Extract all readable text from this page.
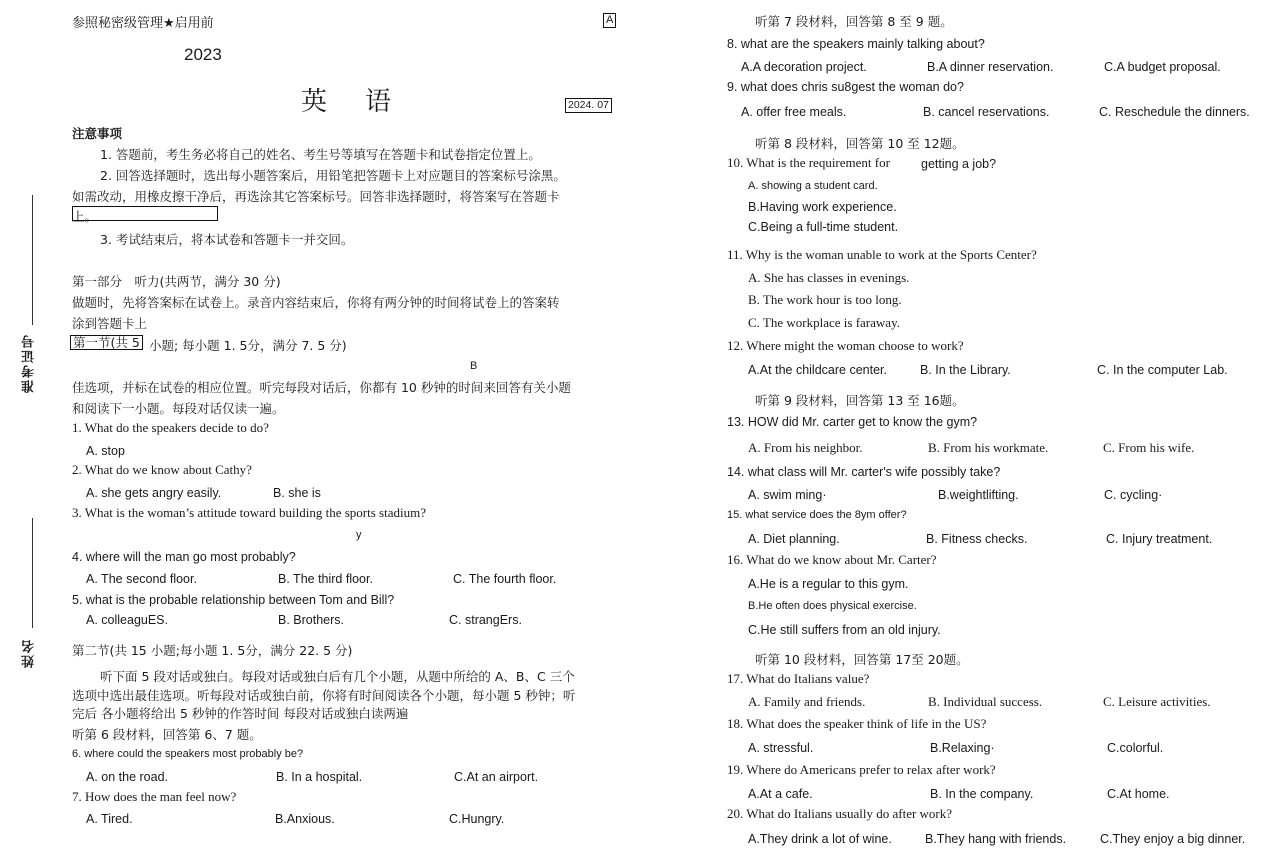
准考证号
姓名
参照秘密级管理★启用前	A
2023
英　语	2024. 07
注意事项
1. 答题前，考生务必将自己的姓名、考生号等填写在答题卡和试卷指定位置上。
2. 回答选择题时，选出每小题答案后，用铅笔把答题卡上对应题目的答案标号涂黑。
如需改动，用橡皮擦干净后，再选涂其它答案标号。回答非选择题时，将答案写在答题卡
上。
3. 考试结束后，将本试卷和答题卡一并交回。
第一部分　听力(共两节，满分 30 分)
做题时，先将答案标在试卷上。录音内容结束后，你将有两分钟的时间将试卷上的答案转
涂到答题卡上
第一节(共 5 小题; 每小题 1. 5分，满分 7. 5 分)
B
佳选项，并标在试卷的相应位置。听完每段对话后，你都有 10 秒钟的时间来回答有关小题
和阅读下一小题。每段对话仅读一遍。
1. What do the speakers decide to do?
A. stop
2. What do we know about Cathy?
A. she gets angry easily.	B. she is
3. What is the woman’s attitude toward building the sports stadium?
y
4. where will the man go most probably?
A. The second floor.	B. The third floor.	C. The fourth floor.
5. what is the probable relationship between Tom and Bill?
A. colleaguES.	B. Brothers.	C. strangErs.
第二节(共 15 小题;每小题 1. 5分，满分 22. 5 分)
听下面 5 段对话或独白。每段对话或独白后有几个小题，从题中所给的 A、B、C 三个
选项中选出最佳选项。听每段对话或独白前，你将有时间阅读各个小题，每小题 5 秒钟；听
完后 各小题将给出 5 秒钟的作答时间 每段对话或独白读两遍
听第 6 段材料，回答第 6、7 题。
6. where could the speakers most probably be?
A. on the road.	B. In a hospital.	C.At an airport.
7. How does the man feel now?
A. Tired.	B.Anxious.	C.Hungry.
听第 7 段材料，回答第 8 至 9 题。
8. what are the speakers mainly talking about?
A.A decoration project.	B.A dinner reservation.	C.A budget proposal.
9. what does chris su8gest the woman do?
A. offer free meals.	B. cancel reservations.	C. Reschedule the dinners.
听第 8 段材料，回答第 10 至 12题。
10. What is the requirement for getting a job?
A. showing a student card.
B.Having work experience.
C.Being a full-time student.
11. Why is the woman unable to work at the Sports Center?
A. She has classes in evenings.
B. The work hour is too long.
C. The workplace is faraway.
12. Where might the woman choose to work?
A.At the childcare center.	B. In the Library.	C. In the computer Lab.
听第 9 段材料，回答第 13 至 16题。
13. HOW did Mr. carter get to know the gym?
A. From his neighbor.	B. From his workmate.	C. From his wife.
14. what class will Mr. carter's wife possibly take?
A. swim ming·	B.weightlifting.	C. cycling·
15. what service does the 8ym offer?
A. Diet planning.	B. Fitness checks.	C. Injury treatment.
16. What do we know about Mr. Carter?
A.He is a regular to this gym.
B.He often does physical exercise.
C.He still suffers from an old injury.
听第 10 段材料，回答第 17至 20题。
17. What do Italians value?
A. Family and friends.	B. Individual success.	C. Leisure activities.
18. What does the speaker think of life in the US?
A. stressful.	B.Relaxing·	C.colorful.
19. Where do Americans prefer to relax after work?
A.At a cafe.	B. In the company.	C.At home.
20. What do Italians usually do after work?
A.They drink a lot of wine.	B.They hang with friends.	C.They enjoy a big dinner.
